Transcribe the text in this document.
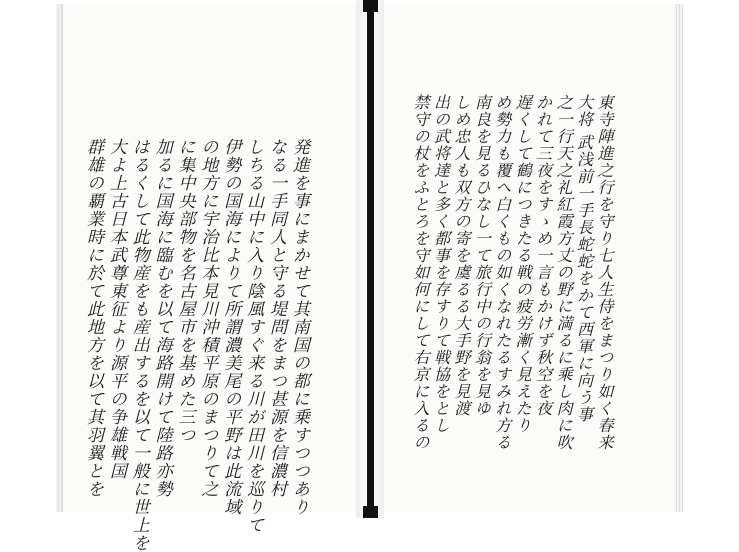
東寺陣進之行を守り七人生侍をまつり如く春来
大将 武浅前一手長蛇蛇をかて西軍に向う事
之一行天之礼紅霞方丈の野に満るに乘し肉に吹
かれて三夜をすゝめ一言もかけず秋空を夜
遅くして鶴につきたる戦の疲労漸く見えたり
め勢力も覆へ白くもの如くなれたるすみれ方る
南良を見るひなし一て旅行中の行翁を見ゆ
しめ忠人も双方の寄を虞るる大手野を見渡
出の武将達と多く都事を存すりて戦協をとし
禁守の杖をふとろを守如何にして右京に入るの
発進を事にまかせて其南国の都に乗すつつあり
なる一手同人と守る堤問をまつ甚源を信濃村
しちる山中に入り陰風すぐ来る川が田川を巡りて
伊勢の国海によりて所謂濃美尾の平野は此流域
の地方に宇治比本見川沖積平原のまつりて之
に集中央部物を名古屋市を基めた三つ
加るに国海に臨むを以て海路開けて陸路亦勢
はるくして此物産をも産出するを以て一般に世上を
大よ上古日本武尊東征より源平の争雄戦国
群雄の覇業時に於て此地方を以て其羽翼とを
